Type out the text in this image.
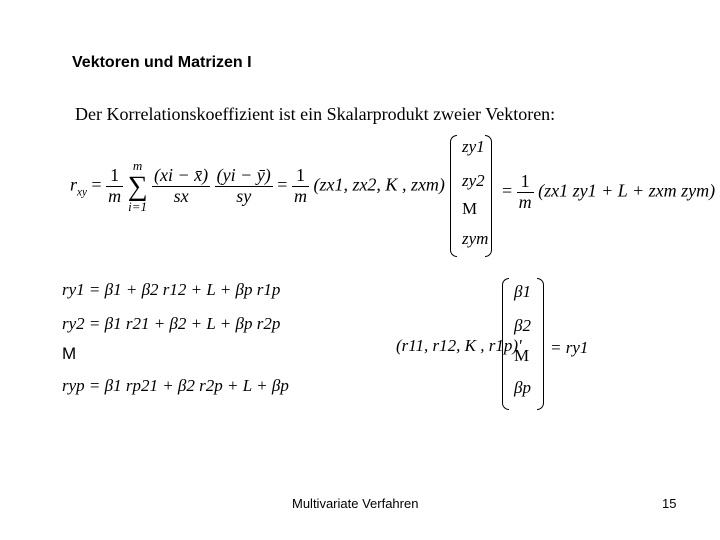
Vektoren und Matrizen I
Der Korrelationskoeffizient ist ein Skalarprodukt zweier Vektoren:
$r_{xy} = \frac{1}{m}$

m
∑
i=1
$\frac{(xi - x̄)}{sx}$
$\frac{(yi - ȳ)}{sy} = \frac{1}{m} (zx1$, zx2, K , zxm)
zy1
zy2
M
zym
= $\frac{1}{m} (zx1$ zy1 + L + zxm zym)
ry1 = β1 + β2 r12 + L + βp r1p
ry2 = β1 r21 + β2 + L + βp r2p
M
ryp = β1 rp21 + β2 r2p + L + βp
(r11, r12, K , r1p)'
β1
β2
M
βp
= ry1
Multivariate Verfahren	15
